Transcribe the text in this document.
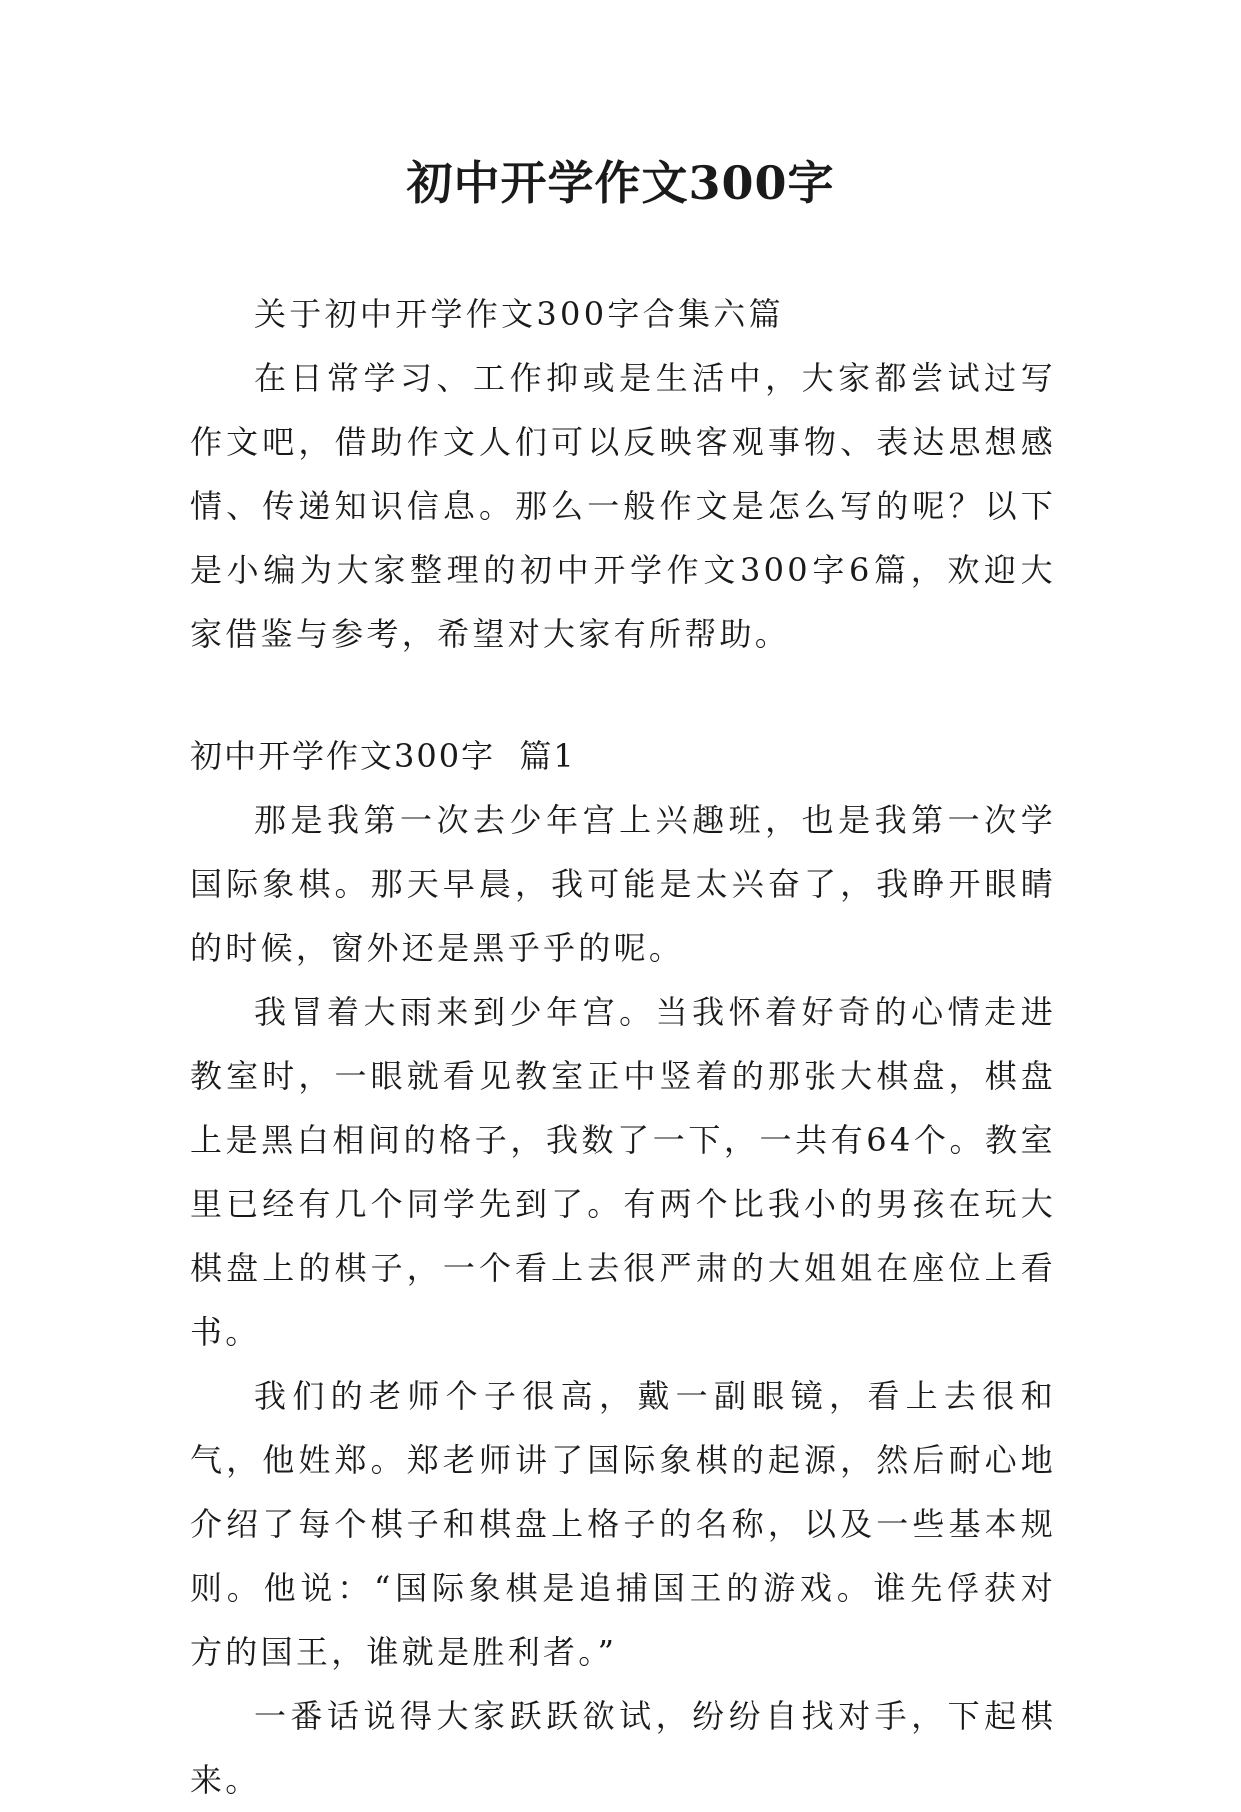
初中开学作文300字

关于初中开学作文300字合集六篇

在日常学习、工作抑或是生活中，大家都尝试过写作文吧，借助作文人们可以反映客观事物、表达思想感情、传递知识信息。那么一般作文是怎么写的呢？以下是小编为大家整理的初中开学作文300字6篇，欢迎大家借鉴与参考，希望对大家有所帮助。

初中开学作文300字  篇1

那是我第一次去少年宫上兴趣班，也是我第一次学国际象棋。那天早晨，我可能是太兴奋了，我睁开眼睛的时候，窗外还是黑乎乎的呢。

我冒着大雨来到少年宫。当我怀着好奇的心情走进教室时，一眼就看见教室正中竖着的那张大棋盘，棋盘上是黑白相间的格子，我数了一下，一共有64个。教室里已经有几个同学先到了。有两个比我小的男孩在玩大棋盘上的棋子，一个看上去很严肃的大姐姐在座位上看书。

我们的老师个子很高，戴一副眼镜，看上去很和气，他姓郑。郑老师讲了国际象棋的起源，然后耐心地介绍了每个棋子和棋盘上格子的名称，以及一些基本规则。他说：“国际象棋是追捕国王的游戏。谁先俘获对方的国王，谁就是胜利者。”

一番话说得大家跃跃欲试，纷纷自找对手，下起棋来。
